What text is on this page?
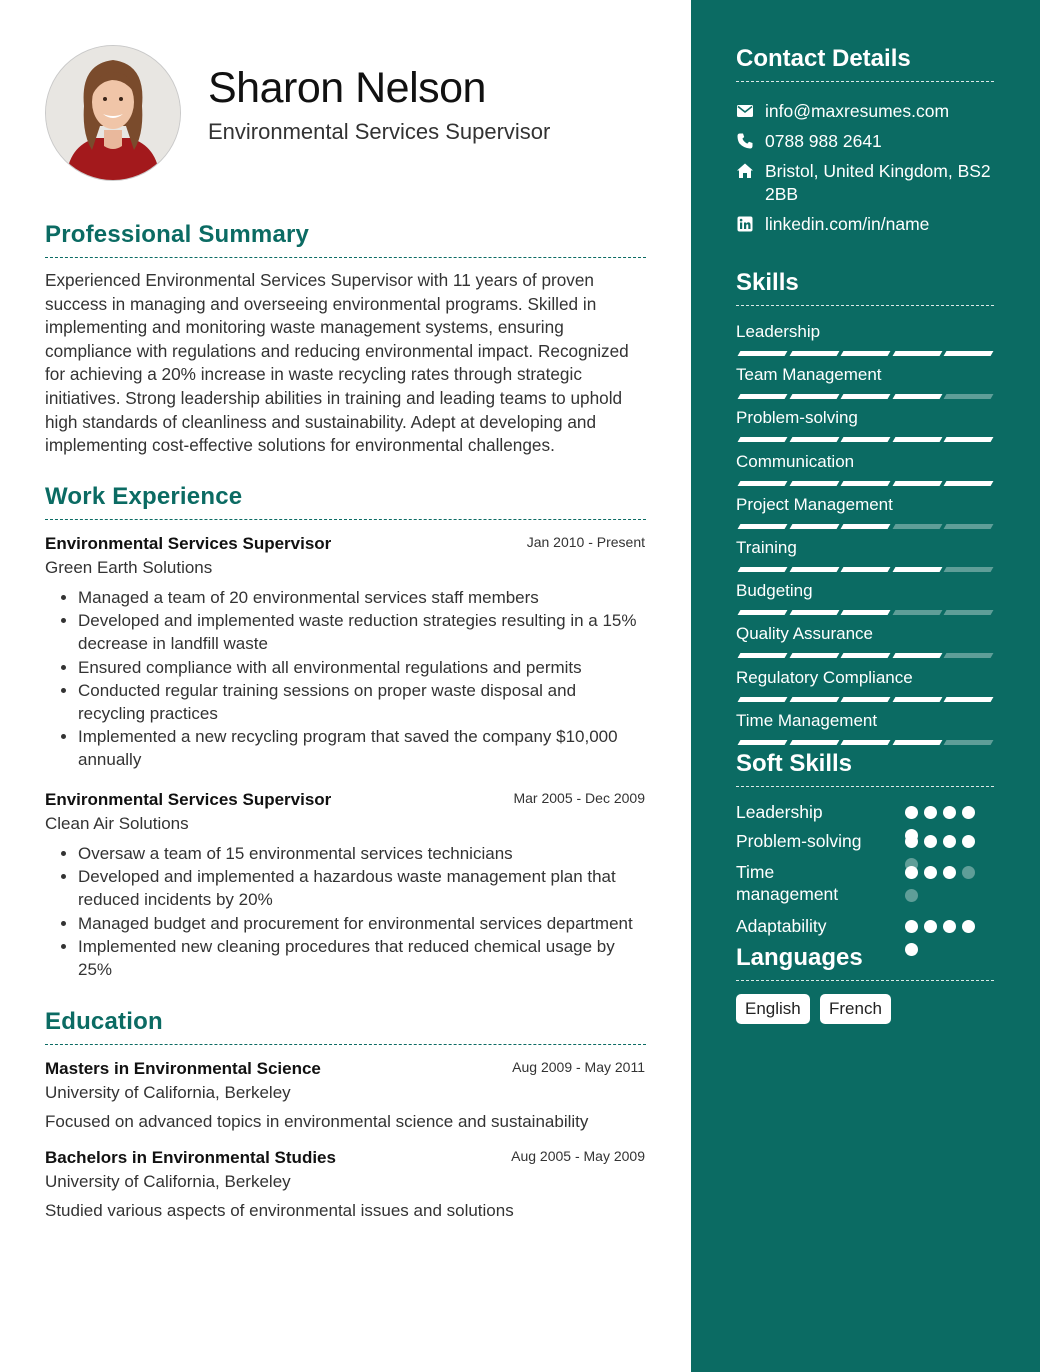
Sharon Nelson
Environmental Services Supervisor
Professional Summary

Experienced Environmental Services Supervisor with 11 years of proven success in managing and overseeing environmental programs. Skilled in implementing and monitoring waste management systems, ensuring compliance with regulations and reducing environmental impact. Recognized for achieving a 20% increase in waste recycling rates through strategic initiatives. Strong leadership abilities in training and leading teams to uphold high standards of cleanliness and sustainability. Adept at developing and implementing cost-effective solutions for environmental challenges.

Work Experience
Environmental Services Supervisor	Jan 2010 - Present
Green Earth Solutions
• Managed a team of 20 environmental services staff members
• Developed and implemented waste reduction strategies resulting in a 15% decrease in landfill waste
• Ensured compliance with all environmental regulations and permits
• Conducted regular training sessions on proper waste disposal and recycling practices
• Implemented a new recycling program that saved the company $10,000 annually
Environmental Services Supervisor	Mar 2005 - Dec 2009
Clean Air Solutions
• Oversaw a team of 15 environmental services technicians
• Developed and implemented a hazardous waste management plan that reduced incidents by 20%
• Managed budget and procurement for environmental services department
• Implemented new cleaning procedures that reduced chemical usage by 25%
Education
Masters in Environmental Science	Aug 2009 - May 2011
University of California, Berkeley
Focused on advanced topics in environmental science and sustainability
Bachelors in Environmental Studies	Aug 2005 - May 2009
University of California, Berkeley
Studied various aspects of environmental issues and solutions
Contact Details
info@maxresumes.com
0788 988 2641
Bristol, United Kingdom, BS2 2BB
linkedin.com/in/name
Skills
Leadership
Team Management
Problem-solving
Communication
Project Management
Training
Budgeting
Quality Assurance
Regulatory Compliance
Time Management
Soft Skills
Leadership
Problem-solving
Time management
Adaptability
Languages
English	French
